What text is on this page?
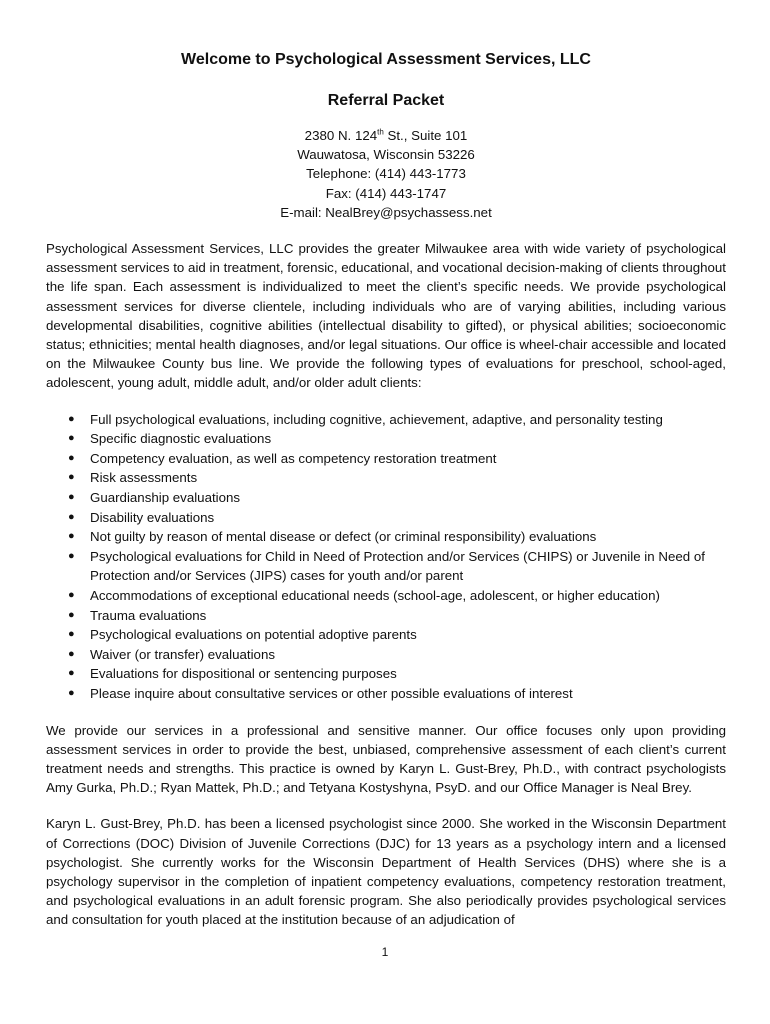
Welcome to Psychological Assessment Services, LLC
Referral Packet
2380 N. 124th St., Suite 101
Wauwatosa, Wisconsin 53226
Telephone: (414) 443-1773
Fax: (414) 443-1747
E-mail: NealBrey@psychassess.net

Psychological Assessment Services, LLC provides the greater Milwaukee area with wide variety of psychological assessment services to aid in treatment, forensic, educational, and vocational decision-making of clients throughout the life span. Each assessment is individualized to meet the client’s specific needs. We provide psychological assessment services for diverse clientele, including individuals who are of varying abilities, including various developmental disabilities, cognitive abilities (intellectual disability to gifted), or physical abilities; socioeconomic status; ethnicities; mental health diagnoses, and/or legal situations. Our office is wheel-chair accessible and located on the Milwaukee County bus line. We provide the following types of evaluations for preschool, school-aged, adolescent, young adult, middle adult, and/or older adult clients:

● Full psychological evaluations, including cognitive, achievement, adaptive, and personality testing
● Specific diagnostic evaluations
● Competency evaluation, as well as competency restoration treatment
● Risk assessments
● Guardianship evaluations
● Disability evaluations
● Not guilty by reason of mental disease or defect (or criminal responsibility) evaluations
● Psychological evaluations for Child in Need of Protection and/or Services (CHIPS) or Juvenile in Need of Protection and/or Services (JIPS) cases for youth and/or parent
● Accommodations of exceptional educational needs (school-age, adolescent, or higher education)
● Trauma evaluations
● Psychological evaluations on potential adoptive parents
● Waiver (or transfer) evaluations
● Evaluations for dispositional or sentencing purposes
● Please inquire about consultative services or other possible evaluations of interest

We provide our services in a professional and sensitive manner. Our office focuses only upon providing assessment services in order to provide the best, unbiased, comprehensive assessment of each client’s current treatment needs and strengths. This practice is owned by Karyn L. Gust-Brey, Ph.D., with contract psychologists Amy Gurka, Ph.D.; Ryan Mattek, Ph.D.; and Tetyana Kostyshyna, PsyD. and our Office Manager is Neal Brey.

Karyn L. Gust-Brey, Ph.D. has been a licensed psychologist since 2000. She worked in the Wisconsin Department of Corrections (DOC) Division of Juvenile Corrections (DJC) for 13 years as a psychology intern and a licensed psychologist. She currently works for the Wisconsin Department of Health Services (DHS) where she is a psychology supervisor in the completion of inpatient competency evaluations, competency restoration treatment, and psychological evaluations in an adult forensic program. She also periodically provides psychological services and consultation for youth placed at the institution because of an adjudication of

1
